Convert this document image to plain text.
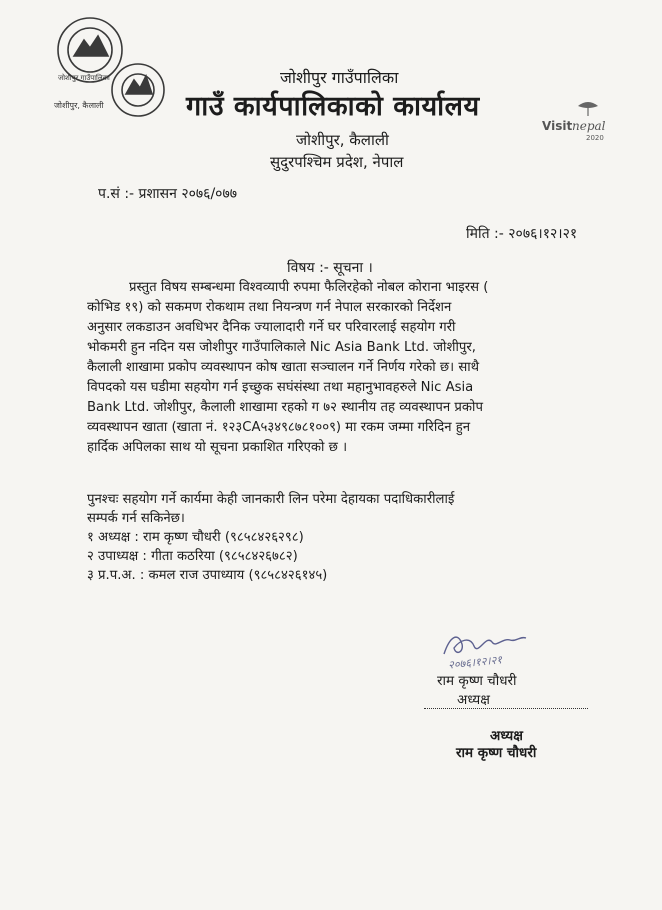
जोशीपुर, कैलाली
जोशीपुर गाउँपालिका
Visit nepal
2020
जोशीपुर गाउँपालिका
गाउँ कार्यपालिकाको कार्यालय
जोशीपुर, कैलाली
सुदुरपश्चिम प्रदेश, नेपाल
प.सं :- प्रशासन २०७६/०७७
मिति :- २०७६।१२।२१
विषय :- सूचना ।
प्रस्तुत विषय सम्बन्धमा विश्वव्यापी रुपमा फैलिरहेको नोबल कोराना भाइरस (
कोभिड १९) को सकमण रोकथाम तथा नियन्त्रण गर्न नेपाल सरकारको निर्देशन
अनुसार लकडाउन अवधिभर दैनिक ज्यालादारी गर्ने घर परिवारलाई सहयोग गरी
भोकमरी हुन नदिन यस जोशीपुर गाउँपालिकाले Nic Asia Bank Ltd. जोशीपुर,
कैलाली शाखामा प्रकोप व्यवस्थापन कोष खाता सञ्चालन गर्ने निर्णय गरेको छ। साथै
विपदको यस घडीमा सहयोग गर्न इच्छुक सघंसंस्था तथा महानुभावहरुले Nic Asia
Bank Ltd. जोशीपुर, कैलाली शाखामा रहको ग ७२ स्थानीय तह व्यवस्थापन प्रकोप
व्यवस्थापन खाता (खाता नं. १२३CA५३४९८७८१००९) मा रकम जम्मा गरिदिन हुन
हार्दिक अपिलका साथ यो सूचना प्रकाशित गरिएको छ ।
पुनश्चः सहयोग गर्ने कार्यमा केही जानकारी लिन परेमा देहायका पदाधिकारीलाई
सम्पर्क गर्न सकिनेछ।
१ अध्यक्ष : राम कृष्ण चौधरी (९८५८४२६२९८)
२ उपाध्यक्ष : गीता कठरिया (९८५८४२६७८२)
३ प्र.प.अ. : कमल राज उपाध्याय (९८५८४२६१४५)
२०७६।१२।२१
राम कृष्ण चौधरी
अध्यक्ष
अध्यक्ष
राम कृष्ण चौधरी
